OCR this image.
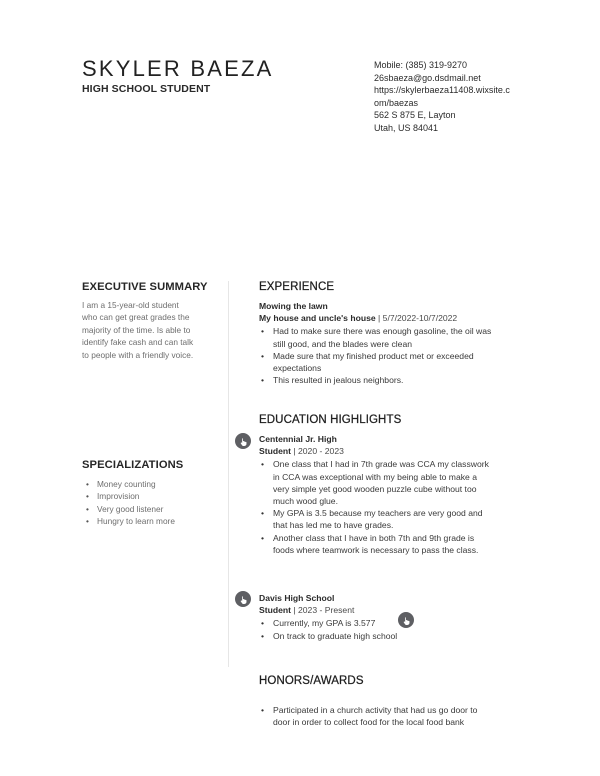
SKYLER BAEZA
HIGH SCHOOL STUDENT
Mobile: (385) 319-9270
26sbaeza@go.dsdmail.net
https://skylerbaeza11408.wixsite.c
om/baezas
562 S 875 E, Layton
Utah, US 84041
EXECUTIVE SUMMARY
I am a 15-year-old student
who can get great grades the
majority of the time. Is able to
identify fake cash and can talk
to people with a friendly voice.
SPECIALIZATIONS
• Money counting
• Improvision
• Very good listener
• Hungry to learn more
EXPERIENCE
Mowing the lawn
My house and uncle's house | 5/7/2022-10/7/2022
• Had to make sure there was enough gasoline, the oil was
still good, and the blades were clean
• Made sure that my finished product met or exceeded
expectations
• This resulted in jealous neighbors.
EDUCATION HIGHLIGHTS
Centennial Jr. High
Student | 2020 - 2023
• One class that I had in 7th grade was CCA my classwork
in CCA was exceptional with my being able to make a
very simple yet good wooden puzzle cube without too
much wood glue.
• My GPA is 3.5 because my teachers are very good and
that has led me to have grades.
• Another class that I have in both 7th and 9th grade is
foods where teamwork is necessary to pass the class.
Davis High School
Student | 2023 - Present
• Currently, my GPA is 3.577
• On track to graduate high school
HONORS/AWARDS
• Participated in a church activity that had us go door to
door in order to collect food for the local food bank
